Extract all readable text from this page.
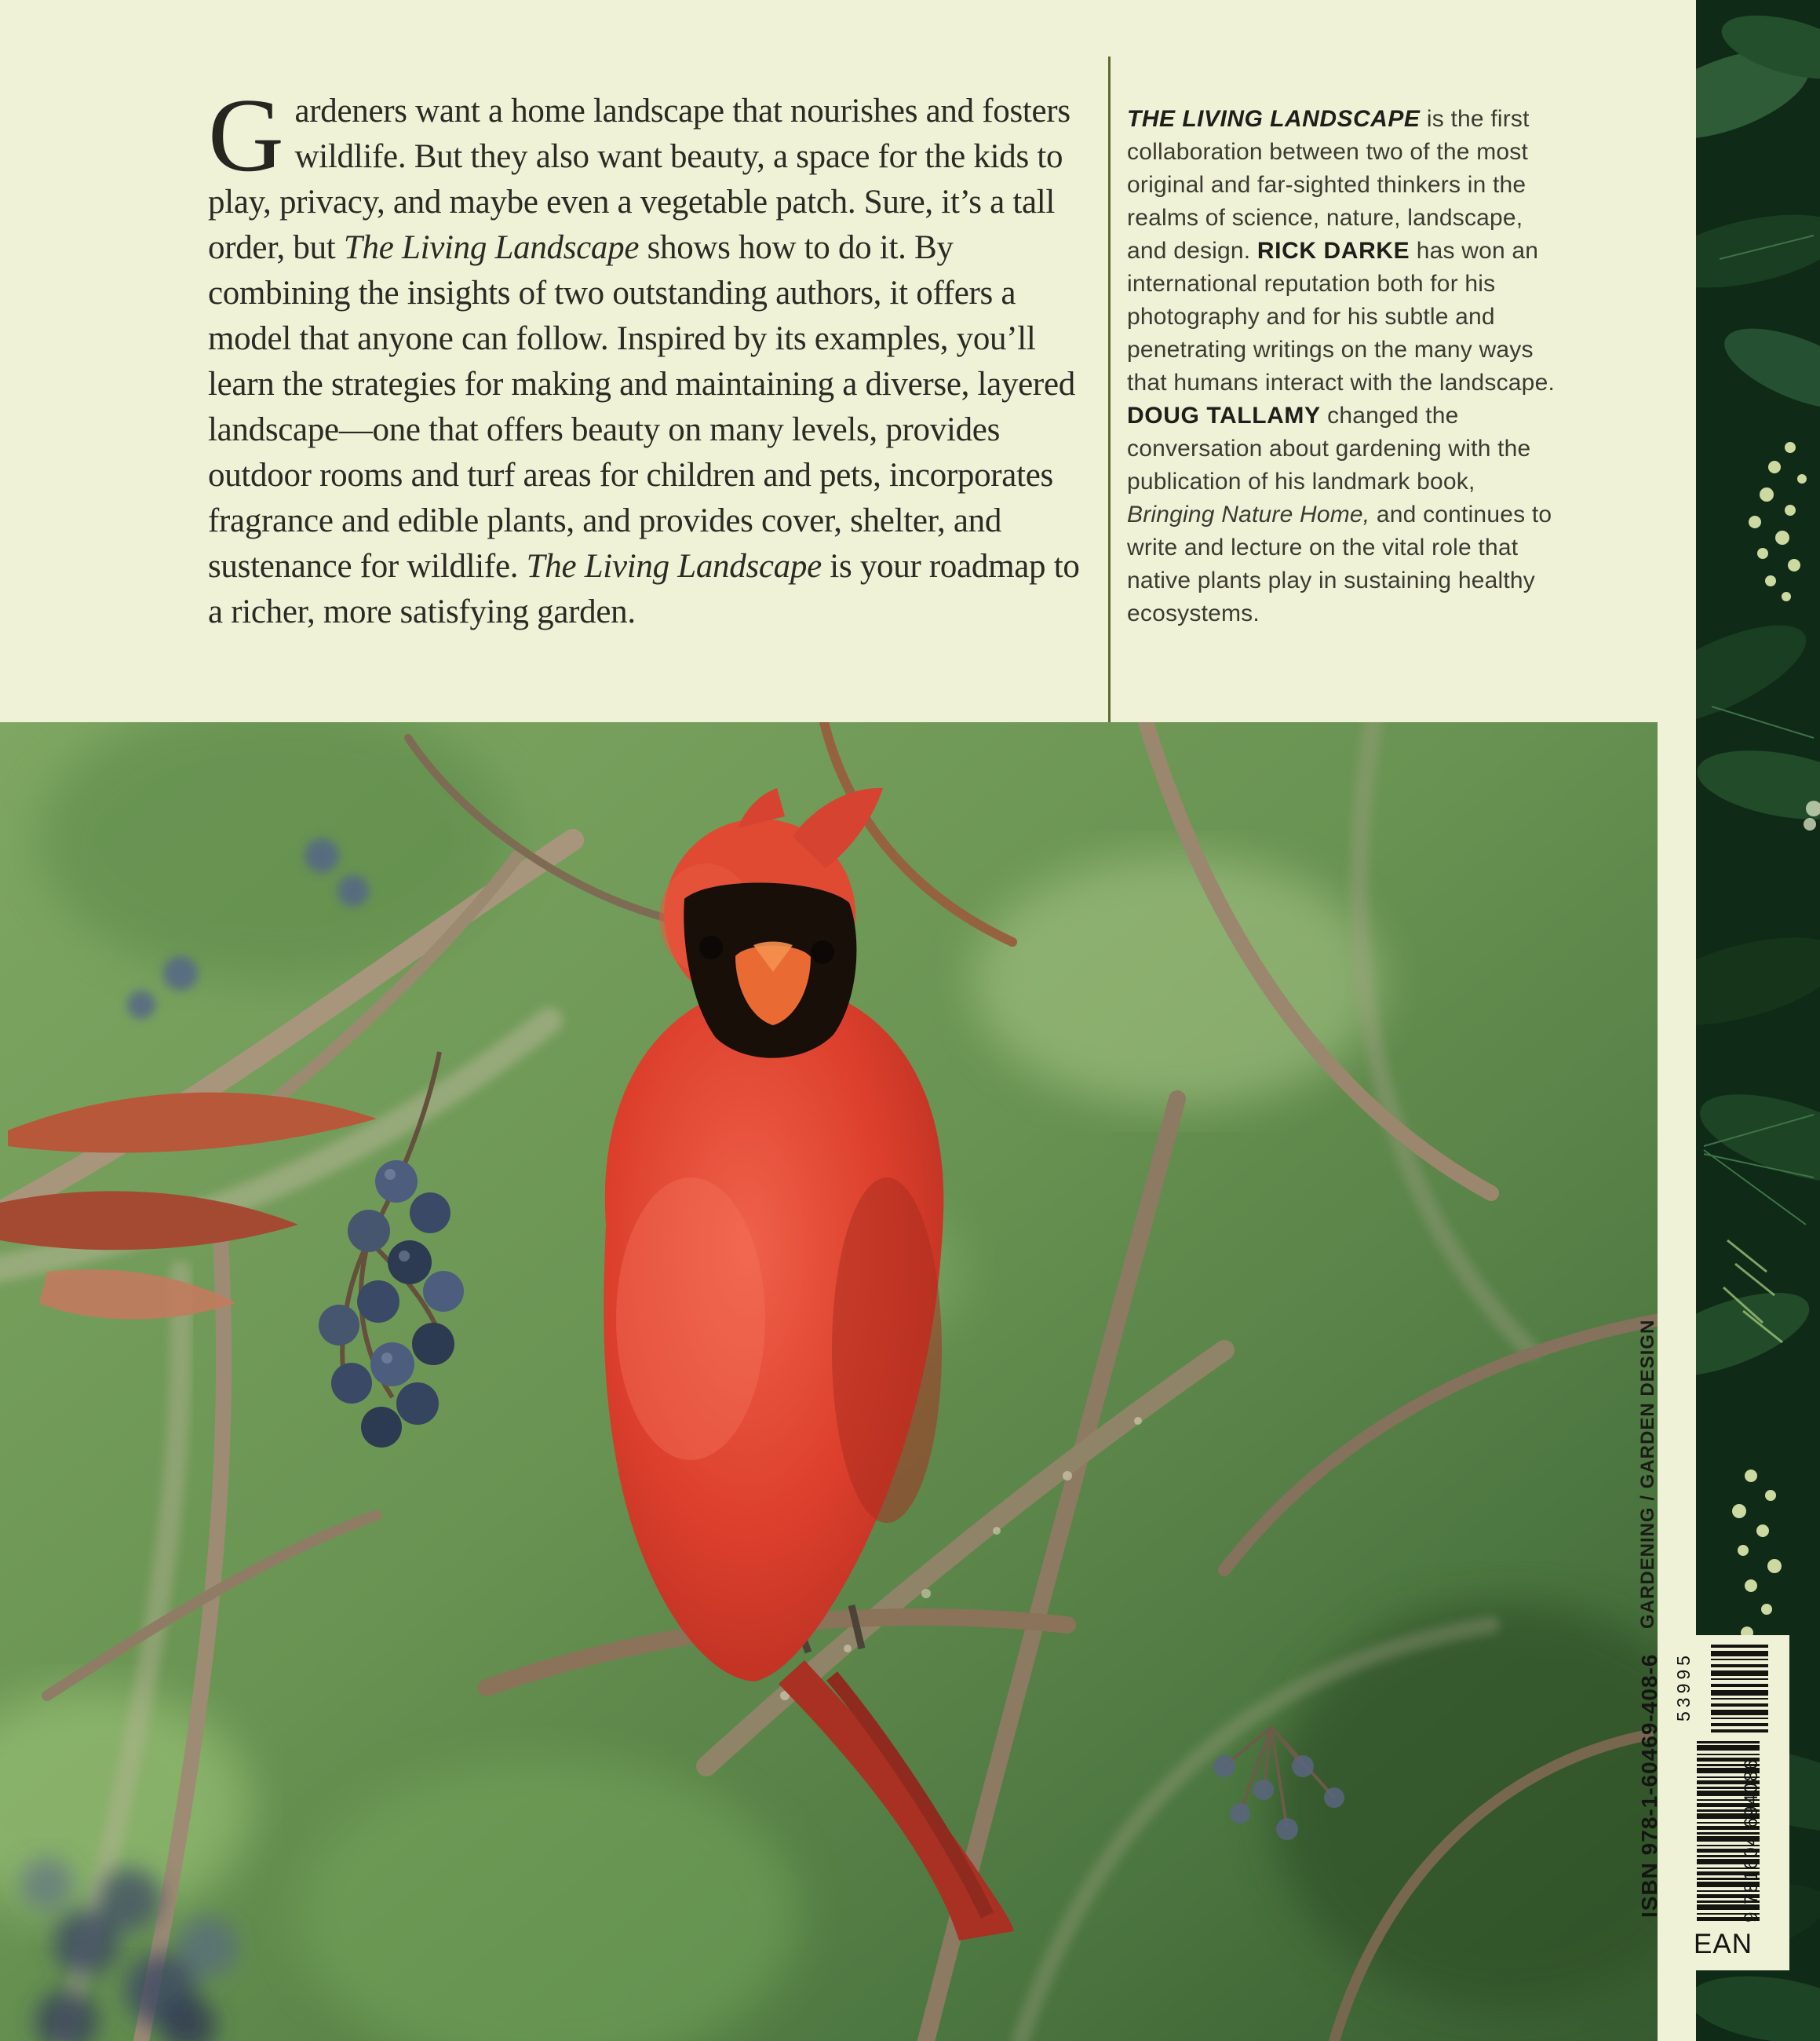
Gardeners want a home landscape that nourishes and fosters wildlife. But they also want beauty, a space for the kids to play, privacy, and maybe even a vegetable patch. Sure, it’s a tall order, but The Living Landscape shows how to do it. By combining the insights of two outstanding authors, it offers a model that anyone can follow. Inspired by its examples, you’ll learn the strategies for making and maintaining a diverse, layered landscape—one that offers beauty on many levels, provides outdoor rooms and turf areas for children and pets, incorporates fragrance and edible plants, and provides cover, shelter, and sustenance for wildlife. The Living Landscape is your roadmap to a richer, more satisfying garden.

THE LIVING LANDSCAPE is the first collaboration between two of the most original and far-sighted thinkers in the realms of science, nature, landscape, and design. RICK DARKE has won an international reputation both for his photography and for his subtle and penetrating writings on the many ways that humans interact with the landscape. DOUG TALLAMY changed the conversation about gardening with the publication of his landmark book, Bringing Nature Home, and continues to write and lecture on the vital role that native plants play in sustaining healthy ecosystems.

GARDENING / GARDEN DESIGN
ISBN 978-1-60469-408-6 53995
9 781604 694086
EAN
